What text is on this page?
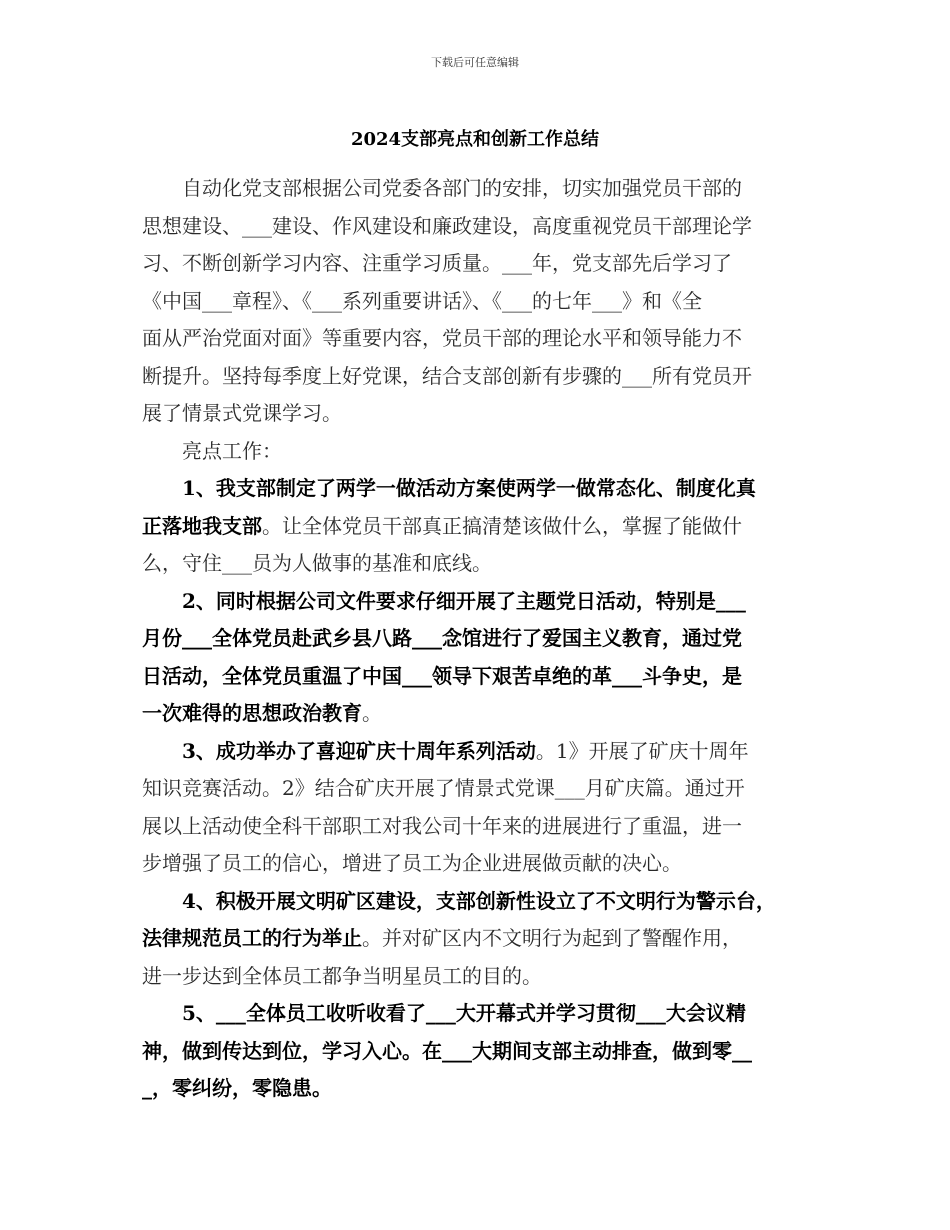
下载后可任意编辑
2024支部亮点和创新工作总结
　　自动化党支部根据公司党委各部门的安排，切实加强党员干部的
思想建设、___建设、作风建设和廉政建设，高度重视党员干部理论学
习、不断创新学习内容、注重学习质量。___年，党支部先后学习了
《中国___章程》、《___系列重要讲话》、《___的七年___》和《全
面从严治党面对面》等重要内容，党员干部的理论水平和领导能力不
断提升。坚持每季度上好党课，结合支部创新有步骤的___所有党员开
展了情景式党课学习。
　　亮点工作：
　　1、我支部制定了两学一做活动方案使两学一做常态化、制度化真
正落地我支部。让全体党员干部真正搞清楚该做什么，掌握了能做什
么，守住___员为人做事的基准和底线。
　　2、同时根据公司文件要求仔细开展了主题党日活动，特别是___
月份___全体党员赴武乡县八路___念馆进行了爱国主义教育，通过党
日活动，全体党员重温了中国___领导下艰苦卓绝的革___斗争史，是
一次难得的思想政治教育。
　　3、成功举办了喜迎矿庆十周年系列活动。1》开展了矿庆十周年
知识竞赛活动。2》结合矿庆开展了情景式党课___月矿庆篇。通过开
展以上活动使全科干部职工对我公司十年来的进展进行了重温，进一
步增强了员工的信心，增进了员工为企业进展做贡献的决心。
　　4、积极开展文明矿区建设，支部创新性设立了不文明行为警示台，
法律规范员工的行为举止。并对矿区内不文明行为起到了警醒作用，
进一步达到全体员工都争当明星员工的目的。
　　5、___全体员工收听收看了___大开幕式并学习贯彻___大会议精
神，做到传达到位，学习入心。在___大期间支部主动排查，做到零__
_，零纠纷，零隐患。
